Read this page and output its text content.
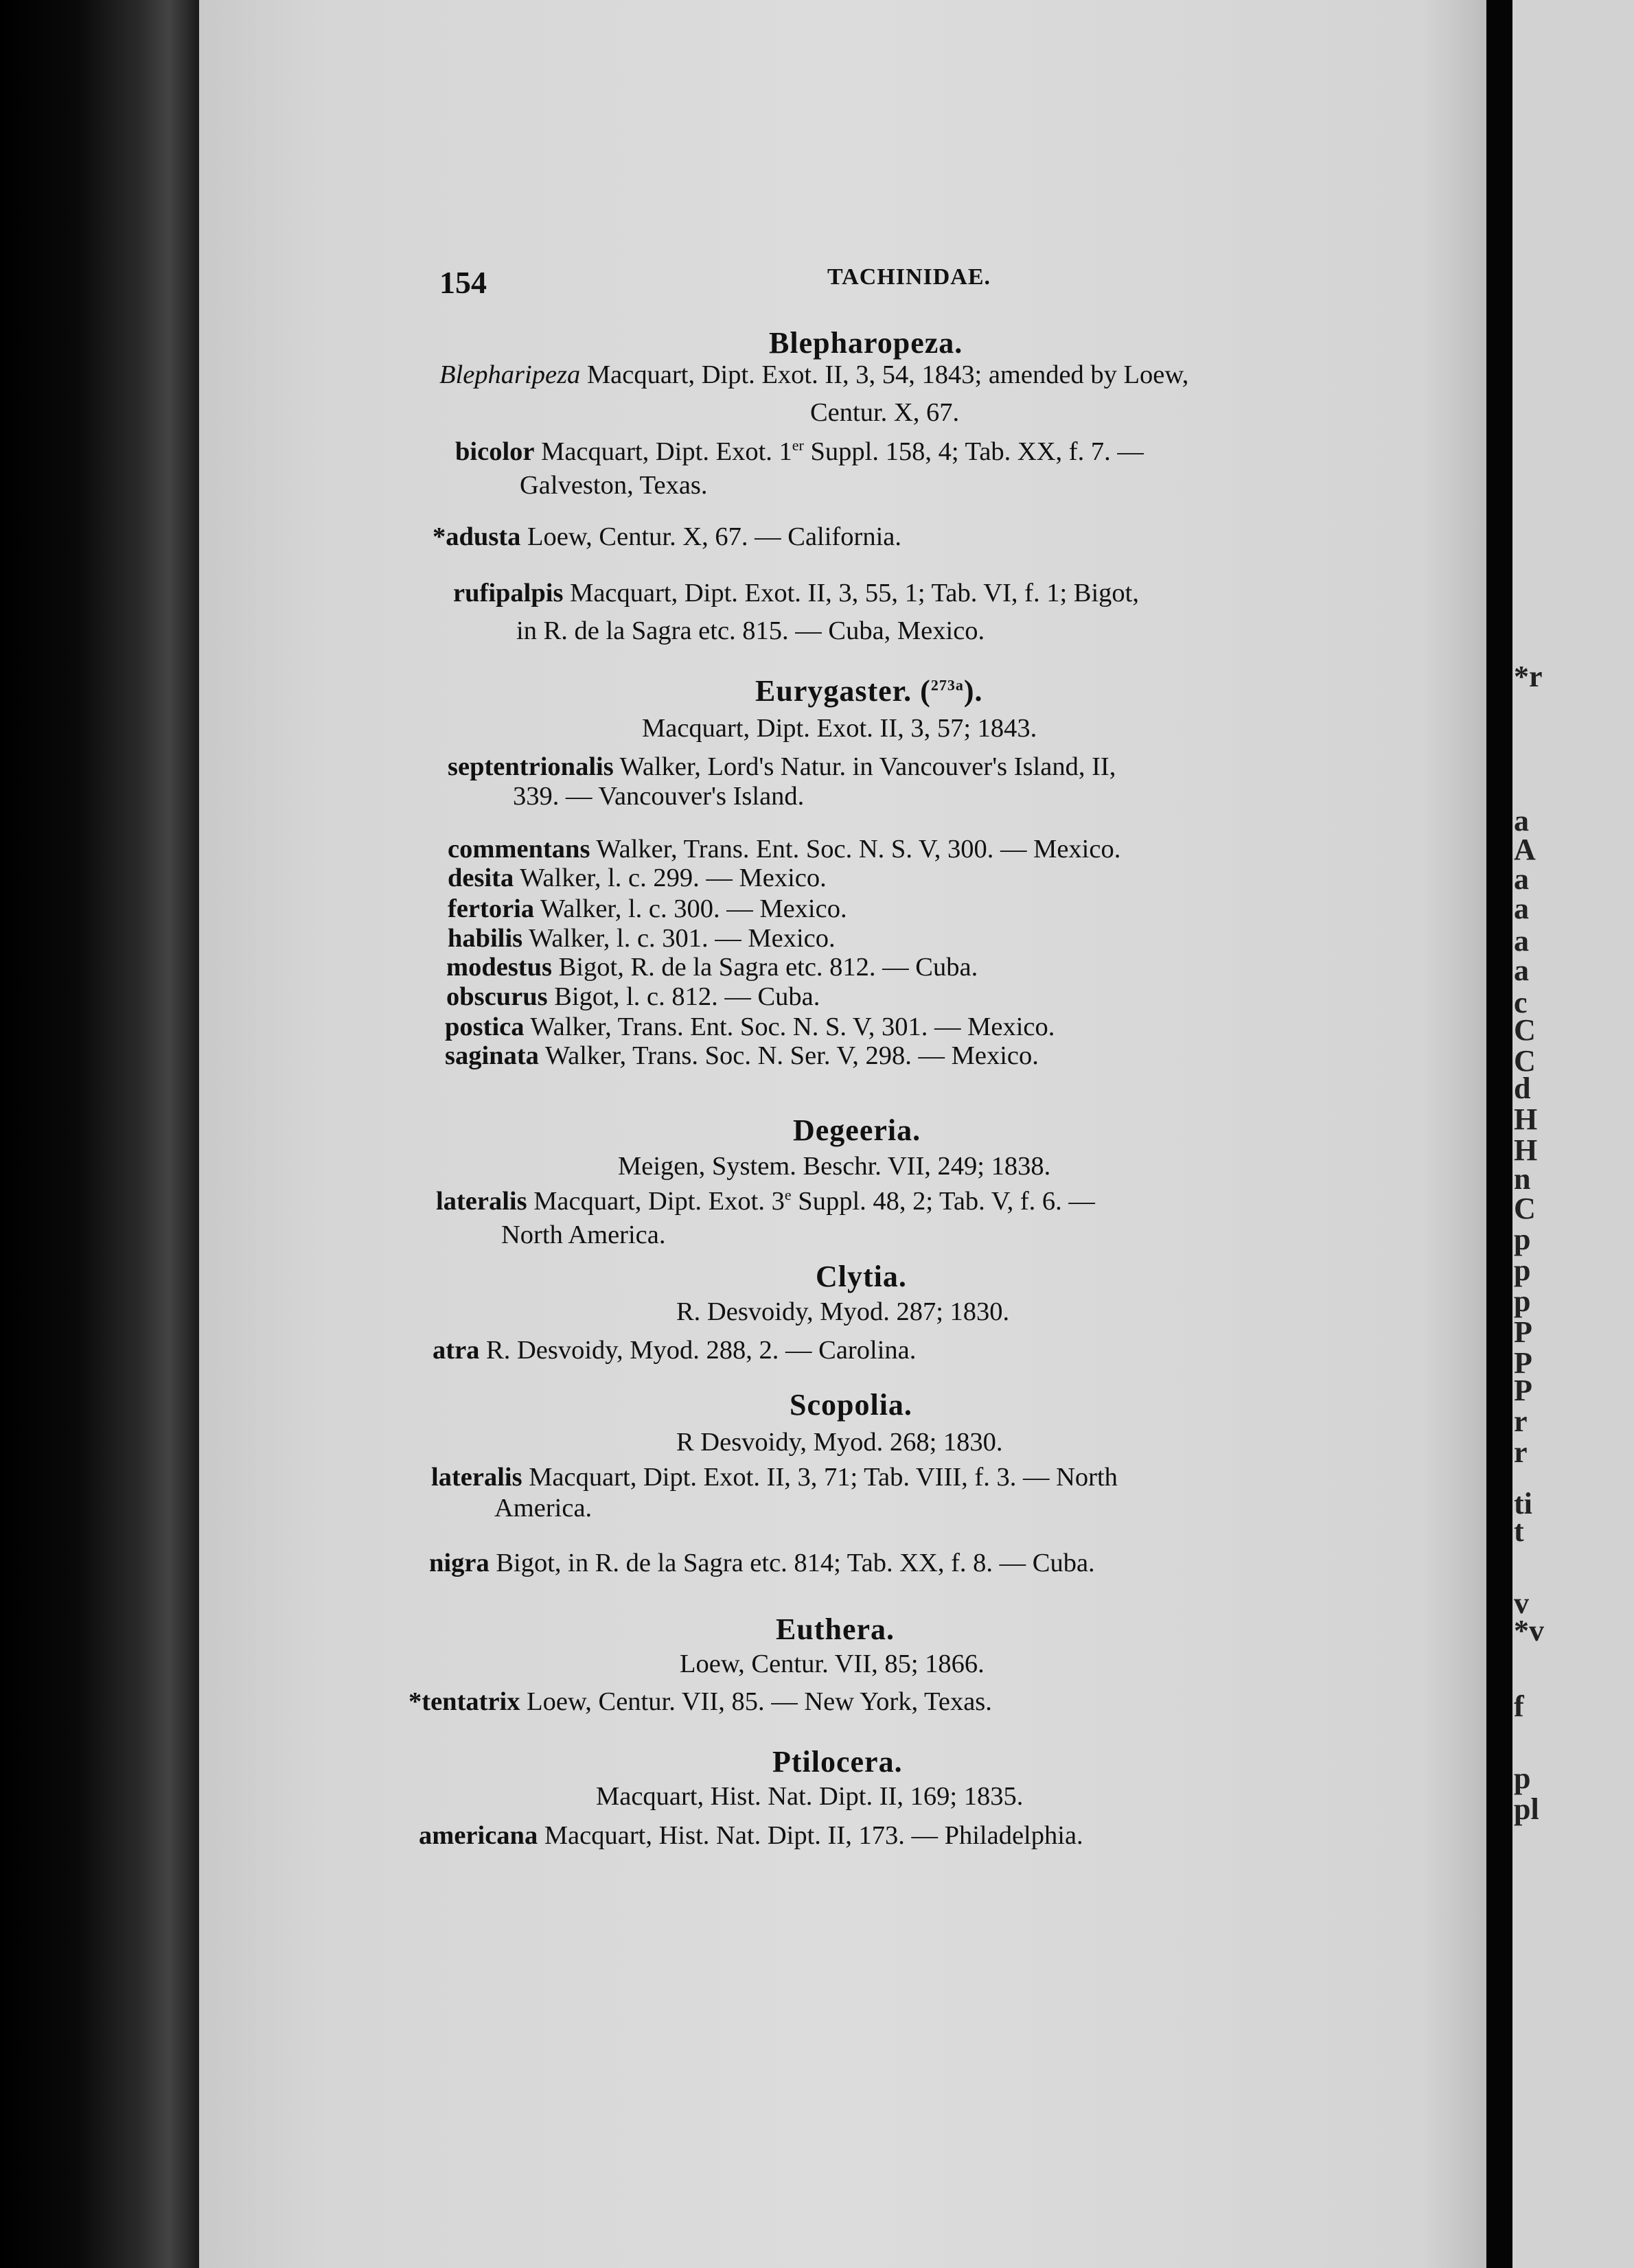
*r
a
A
a
a
a
a
c
C
C
d
H
H
n
C
p
p
p
P
P
P
r
r
ti
t
v
*v
f
p
pl
154	TACHINIDAE.
Blepharopeza.
Blepharipeza Macquart, Dipt. Exot. II, 3, 54, 1843; amended by Loew,
Centur. X, 67.
bicolor Macquart, Dipt. Exot. 1er Suppl. 158, 4; Tab. XX, f. 7. —
Galveston, Texas.
*adusta Loew, Centur. X, 67. — California.
rufipalpis Macquart, Dipt. Exot. II, 3, 55, 1; Tab. VI, f. 1; Bigot,
in R. de la Sagra etc. 815. — Cuba, Mexico.
Eurygaster. ($^{273a}$).
Macquart, Dipt. Exot. II, 3, 57; 1843.
septentrionalis Walker, Lord's Natur. in Vancouver's Island, II,
339. — Vancouver's Island.
commentans Walker, Trans. Ent. Soc. N. S. V, 300. — Mexico.
desita Walker, l. c. 299. — Mexico.
fertoria Walker, l. c. 300. — Mexico.
habilis Walker, l. c. 301. — Mexico.
modestus Bigot, R. de la Sagra etc. 812. — Cuba.
obscurus Bigot, l. c. 812. — Cuba.
postica Walker, Trans. Ent. Soc. N. S. V, 301. — Mexico.
saginata Walker, Trans. Soc. N. Ser. V, 298. — Mexico.
Degeeria.
Meigen, System. Beschr. VII, 249; 1838.
lateralis Macquart, Dipt. Exot. 3e Suppl. 48, 2; Tab. V, f. 6. —
North America.
Clytia.
R. Desvoidy, Myod. 287; 1830.
atra R. Desvoidy, Myod. 288, 2. — Carolina.
Scopolia.
R Desvoidy, Myod. 268; 1830.
lateralis Macquart, Dipt. Exot. II, 3, 71; Tab. VIII, f. 3. — North
America.
nigra Bigot, in R. de la Sagra etc. 814; Tab. XX, f. 8. — Cuba.
Euthera.
Loew, Centur. VII, 85; 1866.
*tentatrix Loew, Centur. VII, 85. — New York, Texas.
Ptilocera.
Macquart, Hist. Nat. Dipt. II, 169; 1835.
americana Macquart, Hist. Nat. Dipt. II, 173. — Philadelphia.
